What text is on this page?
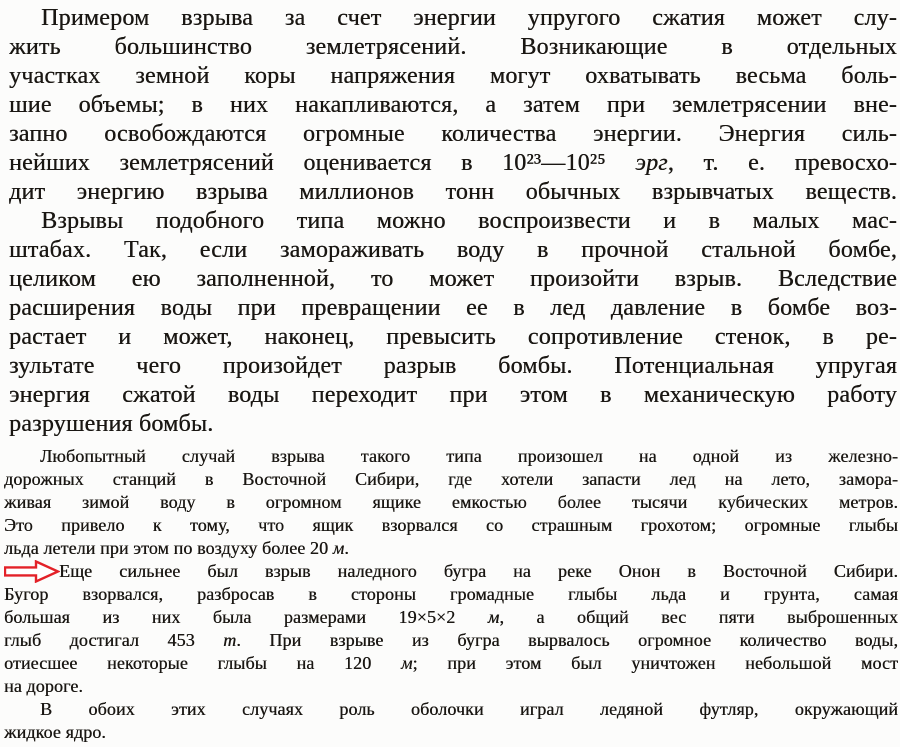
Примером взрыва за счет энергии упругого сжатия может слу-
жить большинство землетрясений. Возникающие в отдельных
участках земной коры напряжения могут охватывать весьма боль-
шие объемы; в них накапливаются, а затем при землетрясении вне-
запно освобождаются огромные количества энергии. Энергия силь-
нейших землетрясений оценивается в 10²³—10²⁵ эрг, т. е. превосхо-
дит энергию взрыва миллионов тонн обычных взрывчатых веществ.
Взрывы подобного типа можно воспроизвести и в малых мас-
штабах. Так, если замораживать воду в прочной стальной бомбе,
целиком ею заполненной, то может произойти взрыв. Вследствие
расширения воды при превращении ее в лед давление в бомбе воз-
растает и может, наконец, превысить сопротивление стенок, в ре-
зультате чего произойдет разрыв бомбы. Потенциальная упругая
энергия сжатой воды переходит при этом в механическую работу
разрушения бомбы.
Любопытный случай взрыва такого типа произошел на одной из железно-
дорожных станций в Восточной Сибири, где хотели запасти лед на лето, замора-
живая зимой воду в огромном ящике емкостью более тысячи кубических метров.
Это привело к тому, что ящик взорвался со страшным грохотом; огромные глыбы
льда летели при этом по воздуху более 20 м.
Еще сильнее был взрыв наледного бугра на реке Онон в Восточной Сибири.
Бугор взорвался, разбросав в стороны громадные глыбы льда и грунта, самая
большая из них была размерами 19×5×2 м, а общий вес пяти выброшенных
глыб достигал 453 т. При взрыве из бугра вырвалось огромное количество воды,
отиесшее некоторые глыбы на 120 м; при этом был уничтожен небольшой мост
на дороге.
В обоих этих случаях роль оболочки играл ледяной футляр, окружающий
жидкое ядро.
